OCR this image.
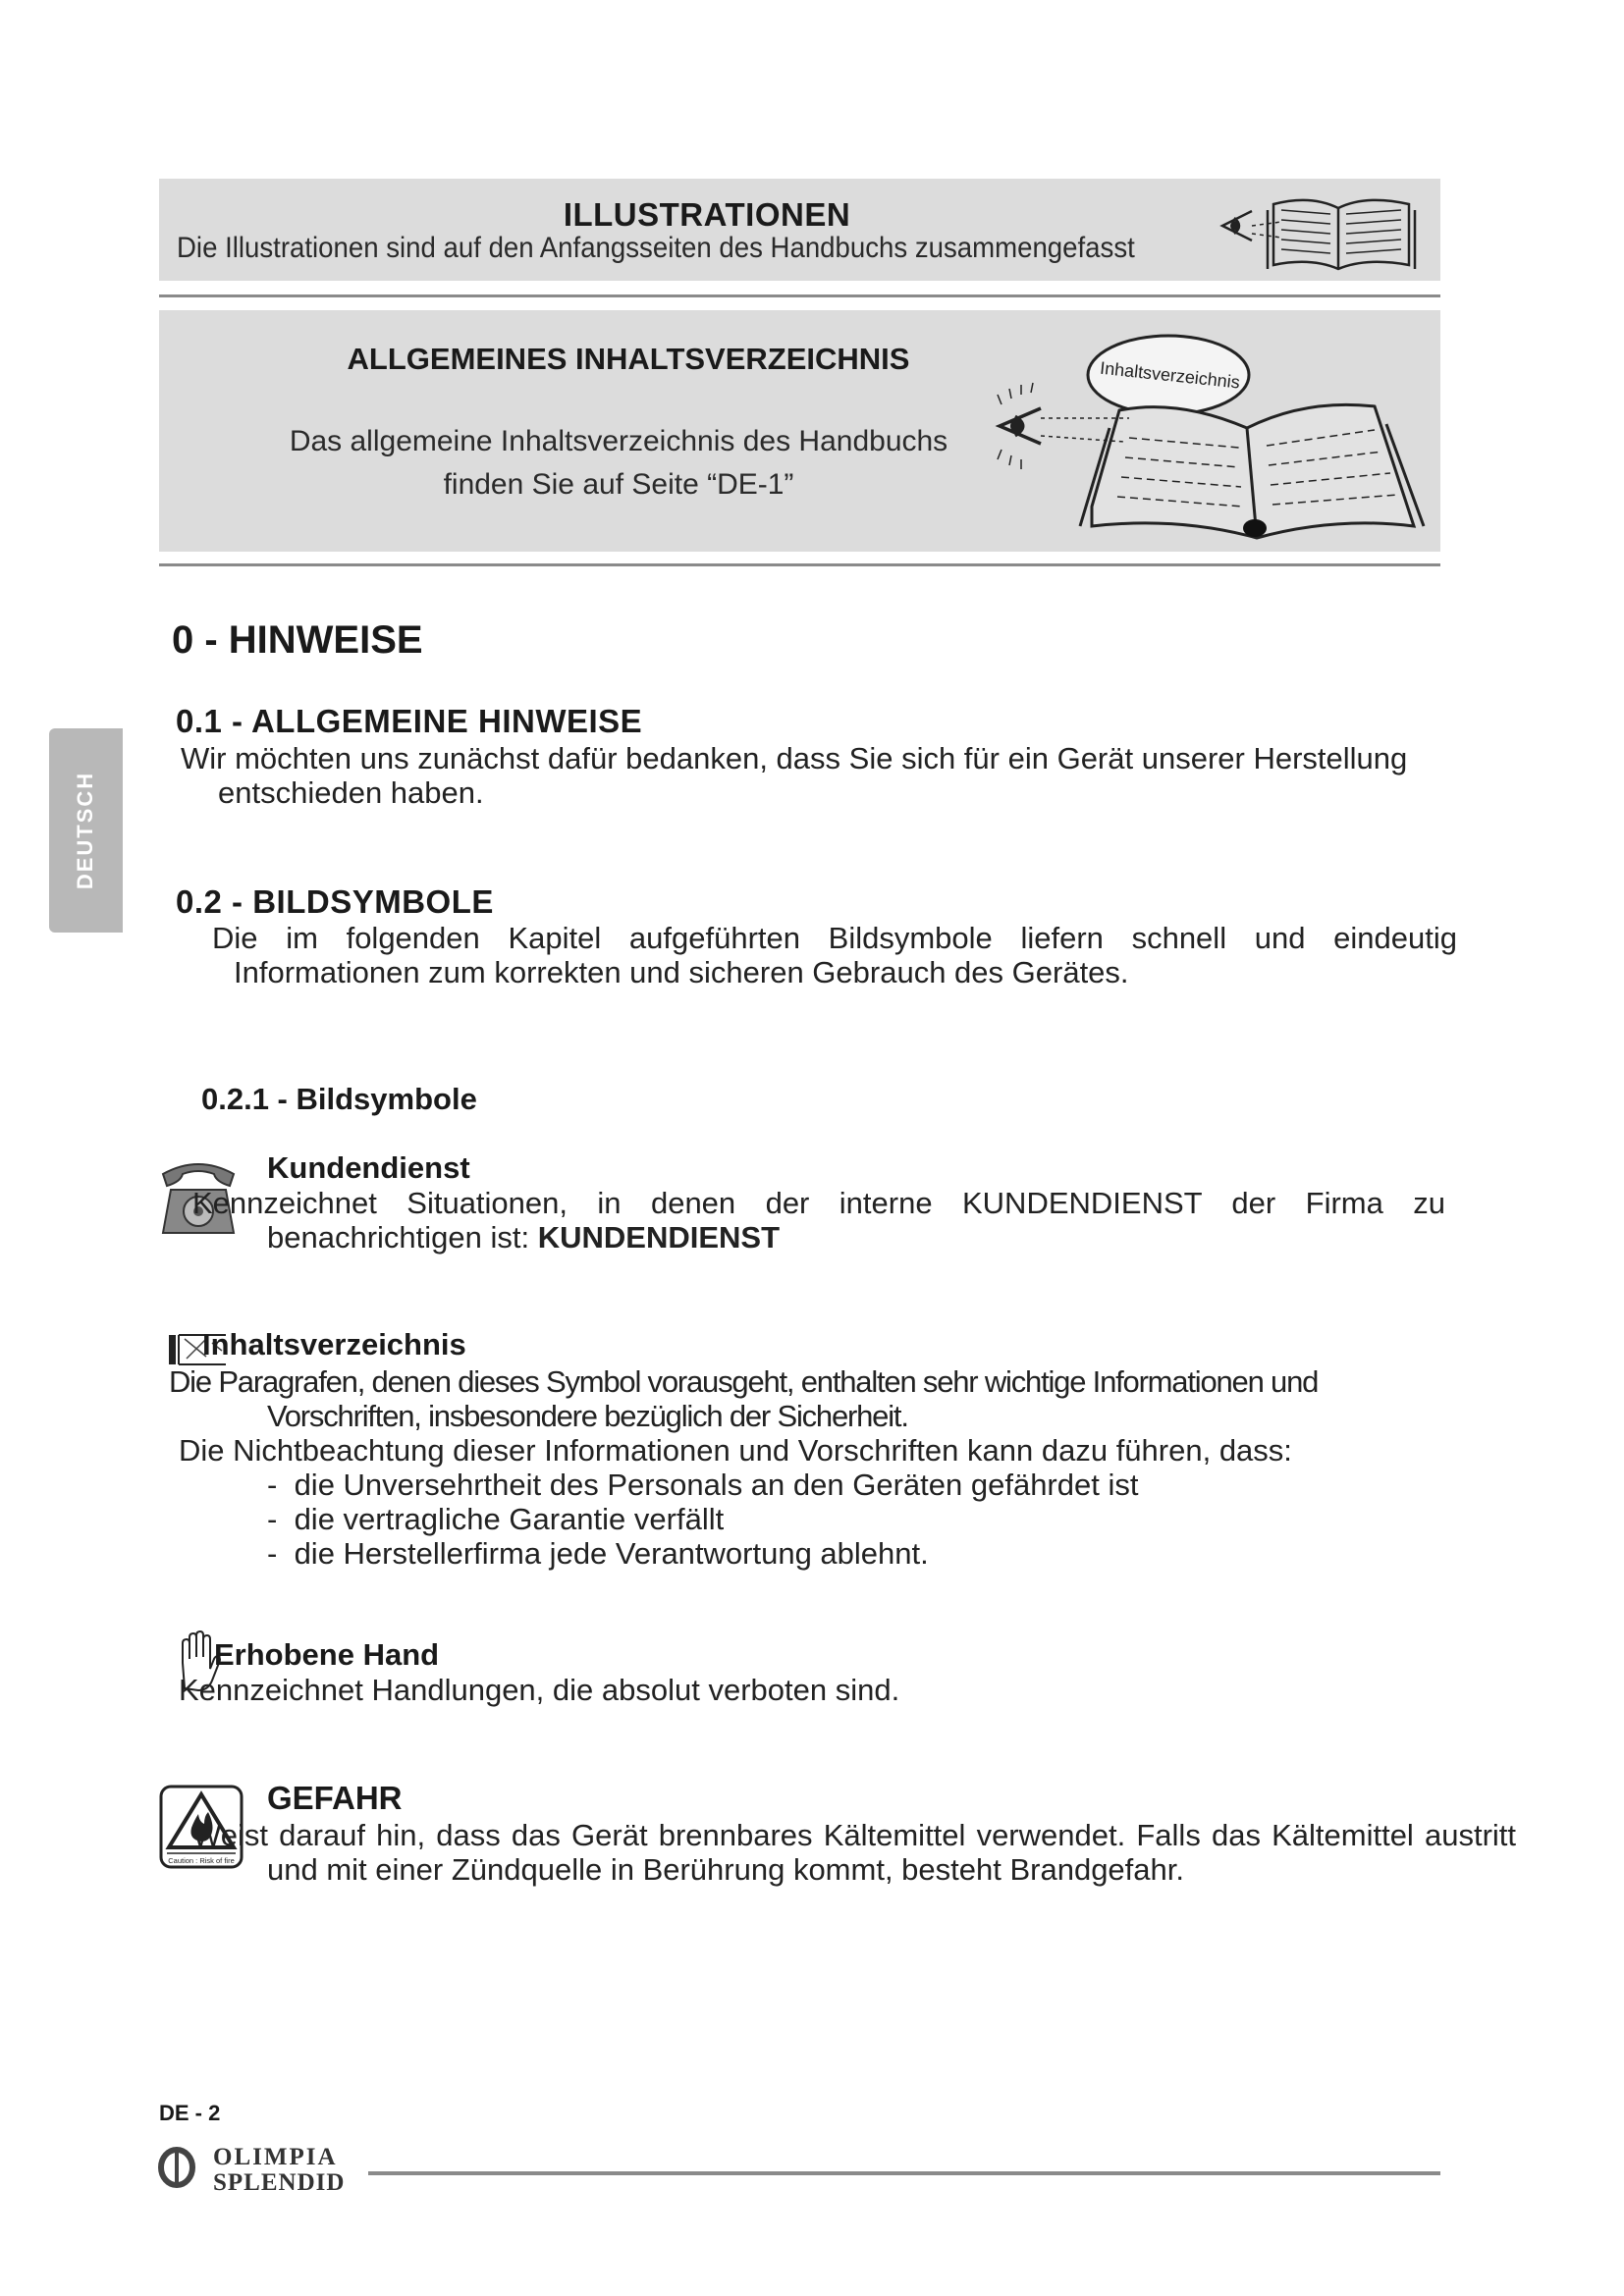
ILLUSTRATIONEN
Die Illustrationen sind auf den Anfangsseiten des Handbuchs zusammengefasst
ALLGEMEINES INHALTSVERZEICHNIS
Das allgemeine Inhaltsverzeichnis des Handbuchs
finden Sie auf Seite “DE-1”
Inhaltsverzeichnis
DEUTSCH
0 - HINWEISE
0.1 - ALLGEMEINE HINWEISE
Wir möchten uns zunächst dafür bedanken, dass Sie sich für ein Gerät unserer Herstellung entschieden haben.
0.2 - BILDSYMBOLE
Die im folgenden Kapitel aufgeführten Bildsymbole liefern schnell und eindeutig Informationen zum korrekten und sicheren Gebrauch des Gerätes.
0.2.1 - Bildsymbole
Kundendienst
Kennzeichnet Situationen, in denen der interne KUNDENDIENST der Firma zu benachrichtigen ist: KUNDENDIENST
Inhaltsverzeichnis
Die Paragrafen, denen dieses Symbol vorausgeht, enthalten sehr wichtige Informationen und Vorschriften, insbesondere bezüglich der Sicherheit.
Die Nichtbeachtung dieser Informationen und Vorschriften kann dazu führen, dass:
-  die Unversehrtheit des Personals an den Geräten gefährdet ist
-  die vertragliche Garantie verfällt
-  die Herstellerfirma jede Verantwortung ablehnt.
Erhobene Hand
Kennzeichnet Handlungen, die absolut verboten sind.
Caution : Risk of fire
GEFAHR
Weist darauf hin, dass das Gerät brennbares Kältemittel verwendet. Falls das Kältemittel austritt und mit einer Zündquelle in Berührung kommt, besteht Brandgefahr.
DE - 2
OLIMPIA
SPLENDID
